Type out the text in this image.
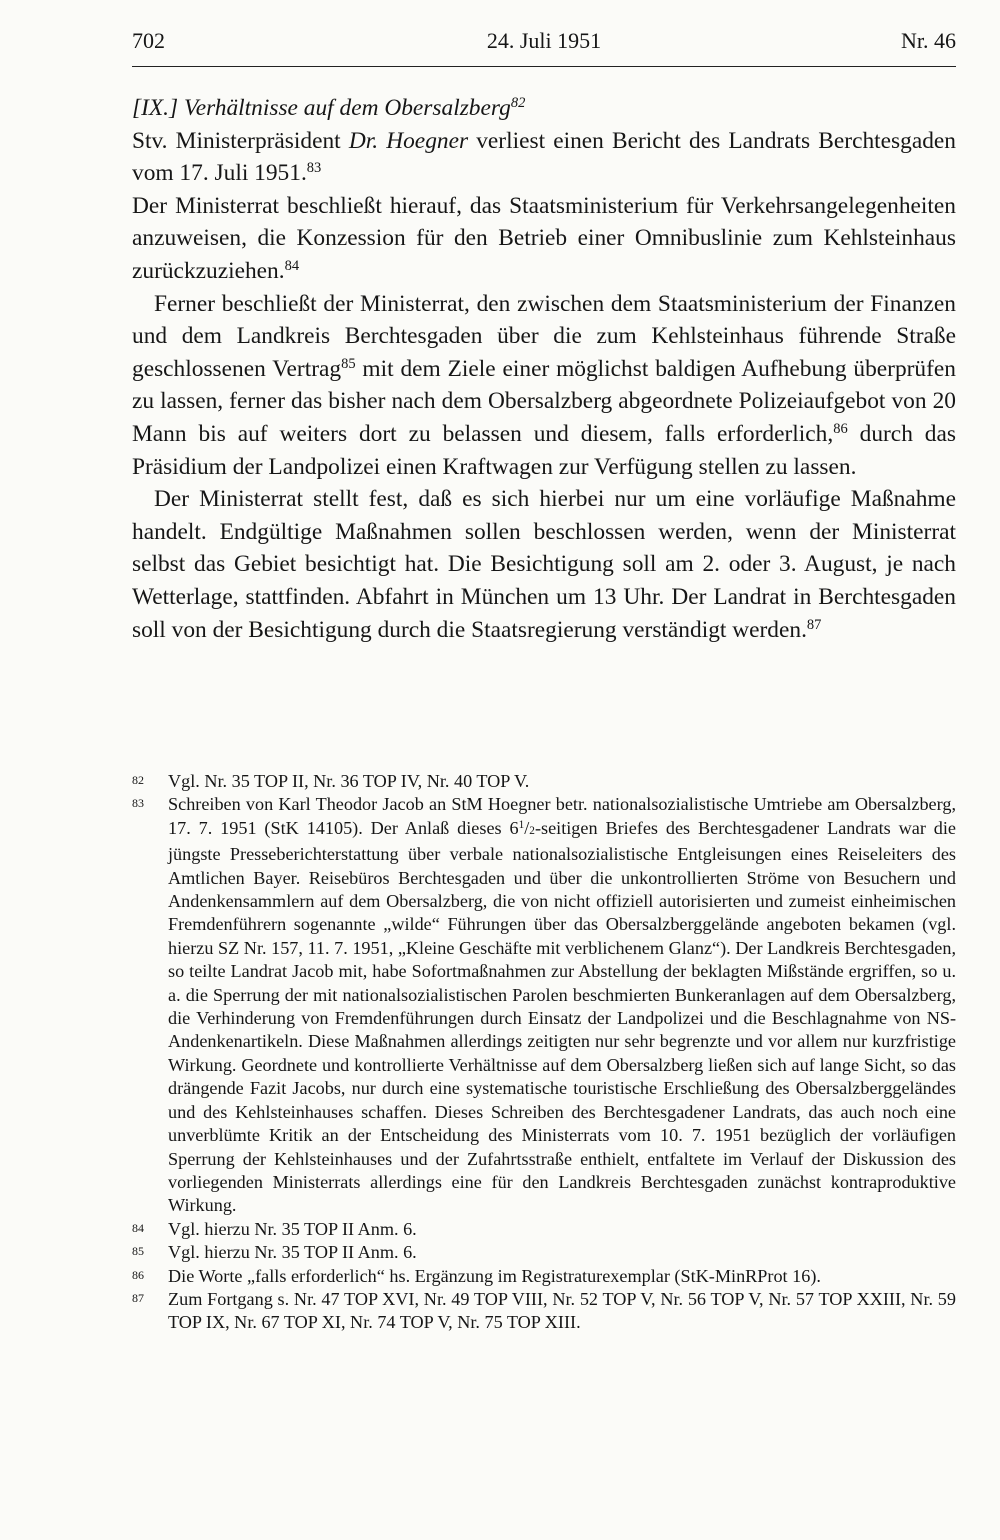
702	24. Juli 1951	Nr. 46

[IX.] Verhältnisse auf dem Obersalzberg$^{82}$

Stv. Ministerpräsident Dr. Hoegner verliest einen Bericht des Landrats Berchtesgaden vom 17. Juli 1951.83

Der Ministerrat beschließt hierauf, das Staatsministerium für Verkehrsangelegenheiten anzuweisen, die Konzession für den Betrieb einer Omnibuslinie zum Kehlsteinhaus zurückzuziehen.$^{84}$

Ferner beschließt der Ministerrat, den zwischen dem Staatsministerium der Finanzen und dem Landkreis Berchtesgaden über die zum Kehlsteinhaus führende Straße geschlossenen Vertrag$^{85}$ mit dem Ziele einer möglichst baldigen Aufhebung überprüfen zu lassen, ferner das bisher nach dem Obersalzberg abgeordnete Polizeiaufgebot von 20 Mann bis auf weiters dort zu belassen und diesem, falls erforderlich,$^{86}$ durch das Präsidium der Landpolizei einen Kraftwagen zur Verfügung stellen zu lassen.

Der Ministerrat stellt fest, daß es sich hierbei nur um eine vorläufige Maßnahme handelt. Endgültige Maßnahmen sollen beschlossen werden, wenn der Ministerrat selbst das Gebiet besichtigt hat. Die Besichtigung soll am 2. oder 3. August, je nach Wetterlage, stattfinden. Abfahrt in München um 13 Uhr. Der Landrat in Berchtesgaden soll von der Besichtigung durch die Staatsregierung verständigt werden.$^{87}$

82	Vgl. Nr. 35 TOP II, Nr. 36 TOP IV, Nr. 40 TOP V.
83	Schreiben von Karl Theodor Jacob an StM Hoegner betr. nationalsozialistische Umtriebe am Obersalzberg, 17. 7. 1951 (StK 14105). Der Anlaß dieses $6^1/2$-seitigen Briefes des Berchtesgadener Landrats war die jüngste Presseberichterstattung über verbale nationalsozialistische Entgleisungen eines Reiseleiters des Amtlichen Bayer. Reisebüros Berchtesgaden und über die unkontrollierten Ströme von Besuchern und Andenkensammlern auf dem Obersalzberg, die von nicht offiziell autorisierten und zumeist einheimischen Fremdenführern sogenannte „wilde“ Führungen über das Obersalzberggelände angeboten bekamen (vgl. hierzu SZ Nr. 157, 11. 7. 1951, „Kleine Geschäfte mit verblichenem Glanz“). Der Landkreis Berchtesgaden, so teilte Landrat Jacob mit, habe Sofortmaßnahmen zur Abstellung der beklagten Mißstände ergriffen, so u. a. die Sperrung der mit nationalsozialistischen Parolen beschmierten Bunkeranlagen auf dem Obersalzberg, die Verhinderung von Fremdenführungen durch Einsatz der Landpolizei und die Beschlagnahme von NS-Andenkenartikeln. Diese Maßnahmen allerdings zeitigten nur sehr begrenzte und vor allem nur kurzfristige Wirkung. Geordnete und kontrollierte Verhältnisse auf dem Obersalzberg ließen sich auf lange Sicht, so das drängende Fazit Jacobs, nur durch eine systematische touristische Erschließung des Obersalzberggeländes und des Kehlsteinhauses schaffen. Dieses Schreiben des Berchtesgadener Landrats, das auch noch eine unverblümte Kritik an der Entscheidung des Ministerrats vom 10. 7. 1951 bezüglich der vorläufigen Sperrung der Kehlsteinhauses und der Zufahrtsstraße enthielt, entfaltete im Verlauf der Diskussion des vorliegenden Ministerrats allerdings eine für den Landkreis Berchtesgaden zunächst kontraproduktive Wirkung.
84	Vgl. hierzu Nr. 35 TOP II Anm. 6.
85	Vgl. hierzu Nr. 35 TOP II Anm. 6.
86	Die Worte „falls erforderlich“ hs. Ergänzung im Registraturexemplar (StK-MinRProt 16).
87	Zum Fortgang s. Nr. 47 TOP XVI, Nr. 49 TOP VIII, Nr. 52 TOP V, Nr. 56 TOP V, Nr. 57 TOP XXIII, Nr. 59 TOP IX, Nr. 67 TOP XI, Nr. 74 TOP V, Nr. 75 TOP XIII.
